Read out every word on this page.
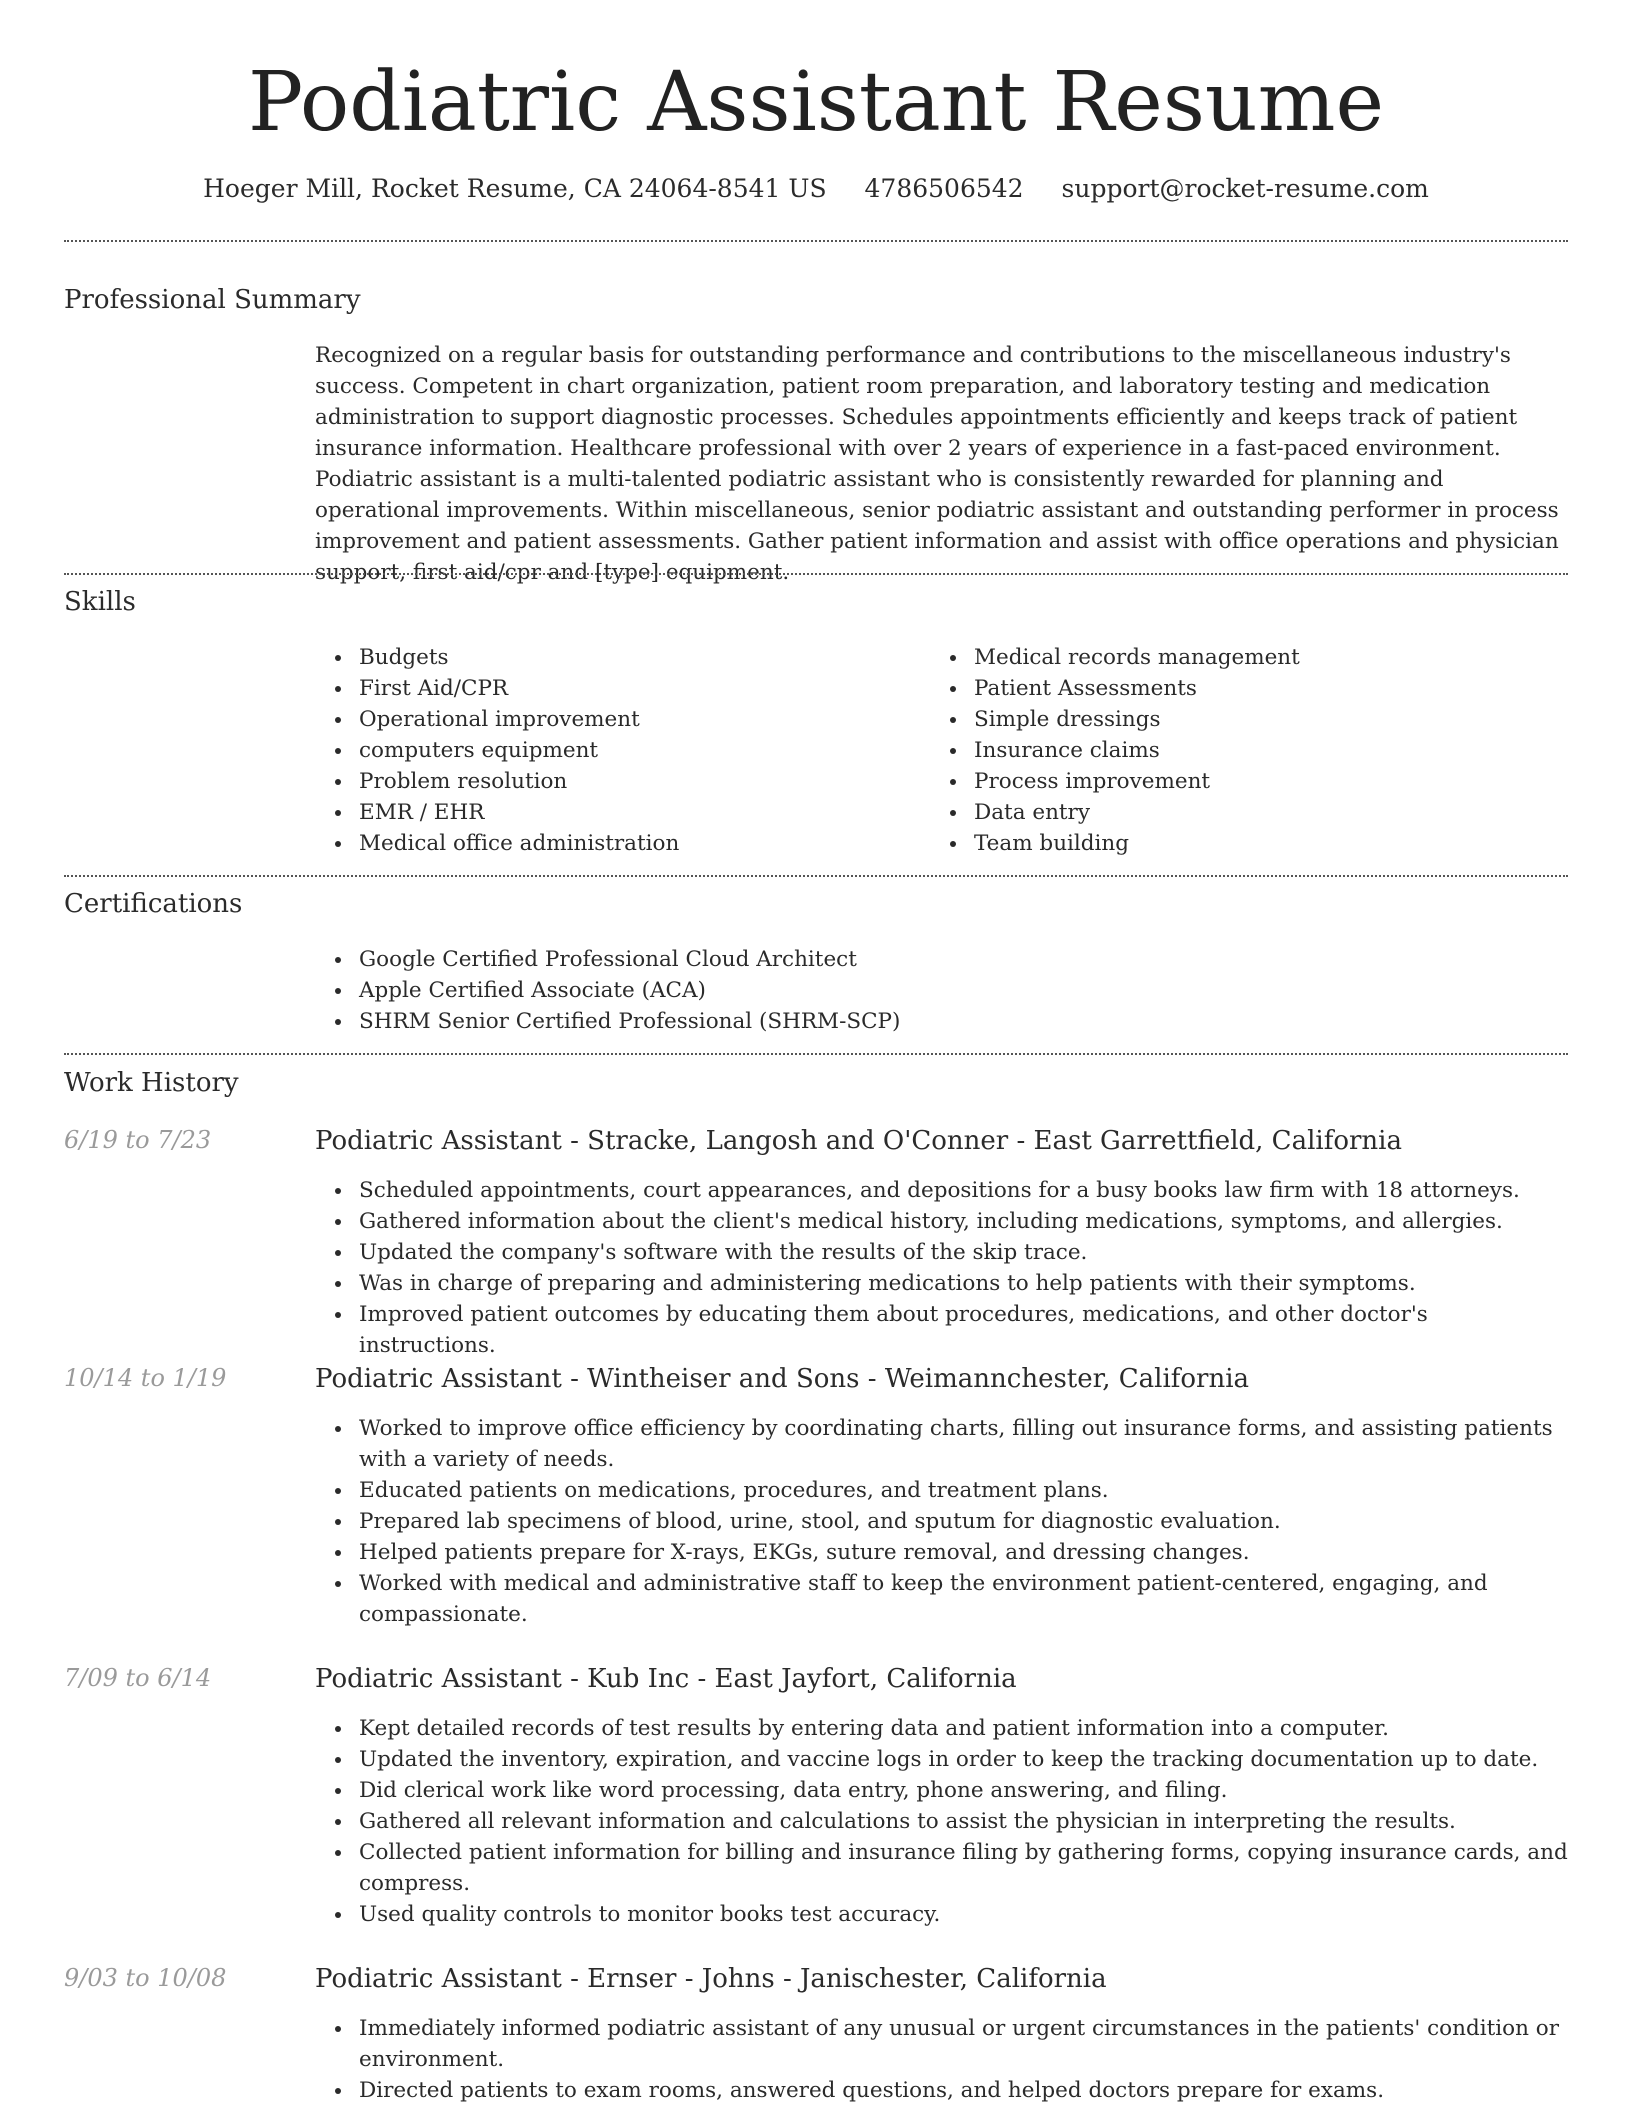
Podiatric Assistant Resume
Hoeger Mill, Rocket Resume, CA 24064-8541 US 4786506542 support@rocket-resume.com
Professional Summary

Recognized on a regular basis for outstanding performance and contributions to the miscellaneous industry's success. Competent in chart organization, patient room preparation, and laboratory testing and medication administration to support diagnostic processes. Schedules appointments efficiently and keeps track of patient insurance information. Healthcare professional with over 2 years of experience in a fast-paced environment. Podiatric assistant is a multi-talented podiatric assistant who is consistently rewarded for planning and operational improvements. Within miscellaneous, senior podiatric assistant and outstanding performer in process improvement and patient assessments. Gather patient information and assist with office operations and physician support, first aid/cpr and [type] equipment.

Skills
Budgets
First Aid/CPR
Operational improvement
computers equipment
Problem resolution
EMR / EHR
Medical office administration
Medical records management
Patient Assessments
Simple dressings
Insurance claims
Process improvement
Data entry
Team building
Certifications
Google Certified Professional Cloud Architect
Apple Certified Associate (ACA)
SHRM Senior Certified Professional (SHRM-SCP)
Work History
6/19 to 7/23	Podiatric Assistant - Stracke, Langosh and O'Conner - East Garrettfield, California
Scheduled appointments, court appearances, and depositions for a busy books law firm with 18 attorneys.
Gathered information about the client's medical history, including medications, symptoms, and allergies.
Updated the company's software with the results of the skip trace.
Was in charge of preparing and administering medications to help patients with their symptoms.
Improved patient outcomes by educating them about procedures, medications, and other doctor's instructions.
10/14 to 1/19	Podiatric Assistant - Wintheiser and Sons - Weimannchester, California
Worked to improve office efficiency by coordinating charts, filling out insurance forms, and assisting patients with a variety of needs.
Educated patients on medications, procedures, and treatment plans.
Prepared lab specimens of blood, urine, stool, and sputum for diagnostic evaluation.
Helped patients prepare for X-rays, EKGs, suture removal, and dressing changes.
Worked with medical and administrative staff to keep the environment patient-centered, engaging, and compassionate.
7/09 to 6/14	Podiatric Assistant - Kub Inc - East Jayfort, California
Kept detailed records of test results by entering data and patient information into a computer.
Updated the inventory, expiration, and vaccine logs in order to keep the tracking documentation up to date.
Did clerical work like word processing, data entry, phone answering, and filing.
Gathered all relevant information and calculations to assist the physician in interpreting the results.
Collected patient information for billing and insurance filing by gathering forms, copying insurance cards, and compress.
Used quality controls to monitor books test accuracy.
9/03 to 10/08	Podiatric Assistant - Ernser - Johns - Janischester, California
Immediately informed podiatric assistant of any unusual or urgent circumstances in the patients' condition or environment.
Directed patients to exam rooms, answered questions, and helped doctors prepare for exams.
